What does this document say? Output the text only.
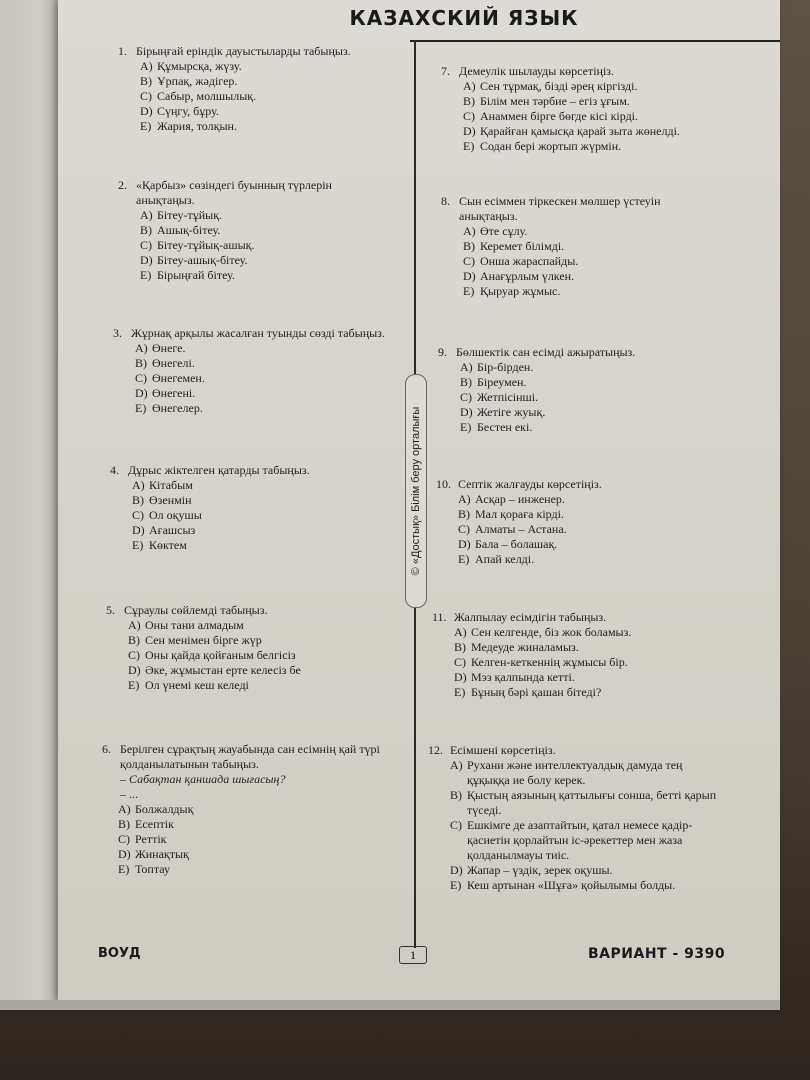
КАЗАХСКИЙ ЯЗЫК
© «Достық» Білім беру орталығы
1. Бірыңғай еріндік дауыстыларды табыңыз.
A) Құмырсқа, жүзу.
B) Ұрпақ, жәдігер.
C) Сабыр, молшылық.
D) Сүңгу, бұру.
E) Жария, толқын.
2. «Қарбыз» сөзіндегі буынның түрлерін анықтаңыз.
A) Бітеу-тұйық.
B) Ашық-бітеу.
C) Бітеу-тұйық-ашық.
D) Бітеу-ашық-бітеу.
E) Бірыңғай бітеу.
3. Жұрнақ арқылы жасалған туынды сөзді табыңыз.
A) Өнеге.
B) Өнегелі.
C) Өнегемен.
D) Өнегені.
E) Өнегелер.
4. Дұрыс жіктелген қатарды табыңыз.
A) Кітабым
B) Өзенмін
C) Ол оқушы
D) Ағашсыз
E) Көктем
5. Сұраулы сөйлемді табыңыз.
A) Оны тани алмадым
B) Сен менімен бірге жүр
C) Оны қайда қойғаным белгісіз
D) Әке, жұмыстан ерте келесіз бе
E) Ол үнемі кеш келеді
6. Берілген сұрақтың жауабында сан есімнің қай түрі қолданылатынын табыңыз.
– Сабақтан қаншада шығасың?
– ...
A) Болжалдық
B) Есептік
C) Реттік
D) Жинақтық
E) Топтау
7. Демеулік шылауды көрсетіңіз.
A) Сен тұрмақ, бізді әрең кіргізді.
B) Білім мен тәрбие – егіз ұғым.
C) Анаммен бірге бөгде кісі кірді.
D) Қарайған қамысқа қарай зыта жөнелді.
E) Содан бері жортып жүрмін.
8. Сын есіммен тіркескен мөлшер үстеуін анықтаңыз.
A) Өте сұлу.
B) Керемет білімді.
C) Онша жараспайды.
D) Анағұрлым үлкен.
E) Қыруар жұмыс.
9. Бөлшектік сан есімді ажыратыңыз.
A) Бір-бірден.
B) Біреумен.
C) Жетпісінші.
D) Жетіге жуық.
E) Бестен екі.
10. Септік жалғауды көрсетіңіз.
A) Асқар – инженер.
B) Мал қораға кірді.
C) Алматы – Астана.
D) Бала – болашақ.
E) Апай келді.
11. Жалпылау есімдігін табыңыз.
A) Сен келгенде, біз жок боламыз.
B) Медеуде жиналамыз.
C) Келген-кеткеннің жұмысы бір.
D) Мэз қалпында кетті.
E) Бұның бәрі қашан бітеді?
12. Есімшені көрсетіңіз.
A) Рухани және интеллектуалдық дамуда тең құқыққа ие болу керек.
B) Қыстың аязының қаттылығы сонша, бетті қарып түседі.
C) Ешкімге де азаптайтын, қатал немесе қадір-қасиетін қорлайтын іс-әрекеттер мен жаза қолданылмауы тиіс.
D) Жапар – үздік, зерек оқушы.
E) Кеш артынан «Шұға» қойылымы болды.
ВОУД	1	ВАРИАНТ - 9390
